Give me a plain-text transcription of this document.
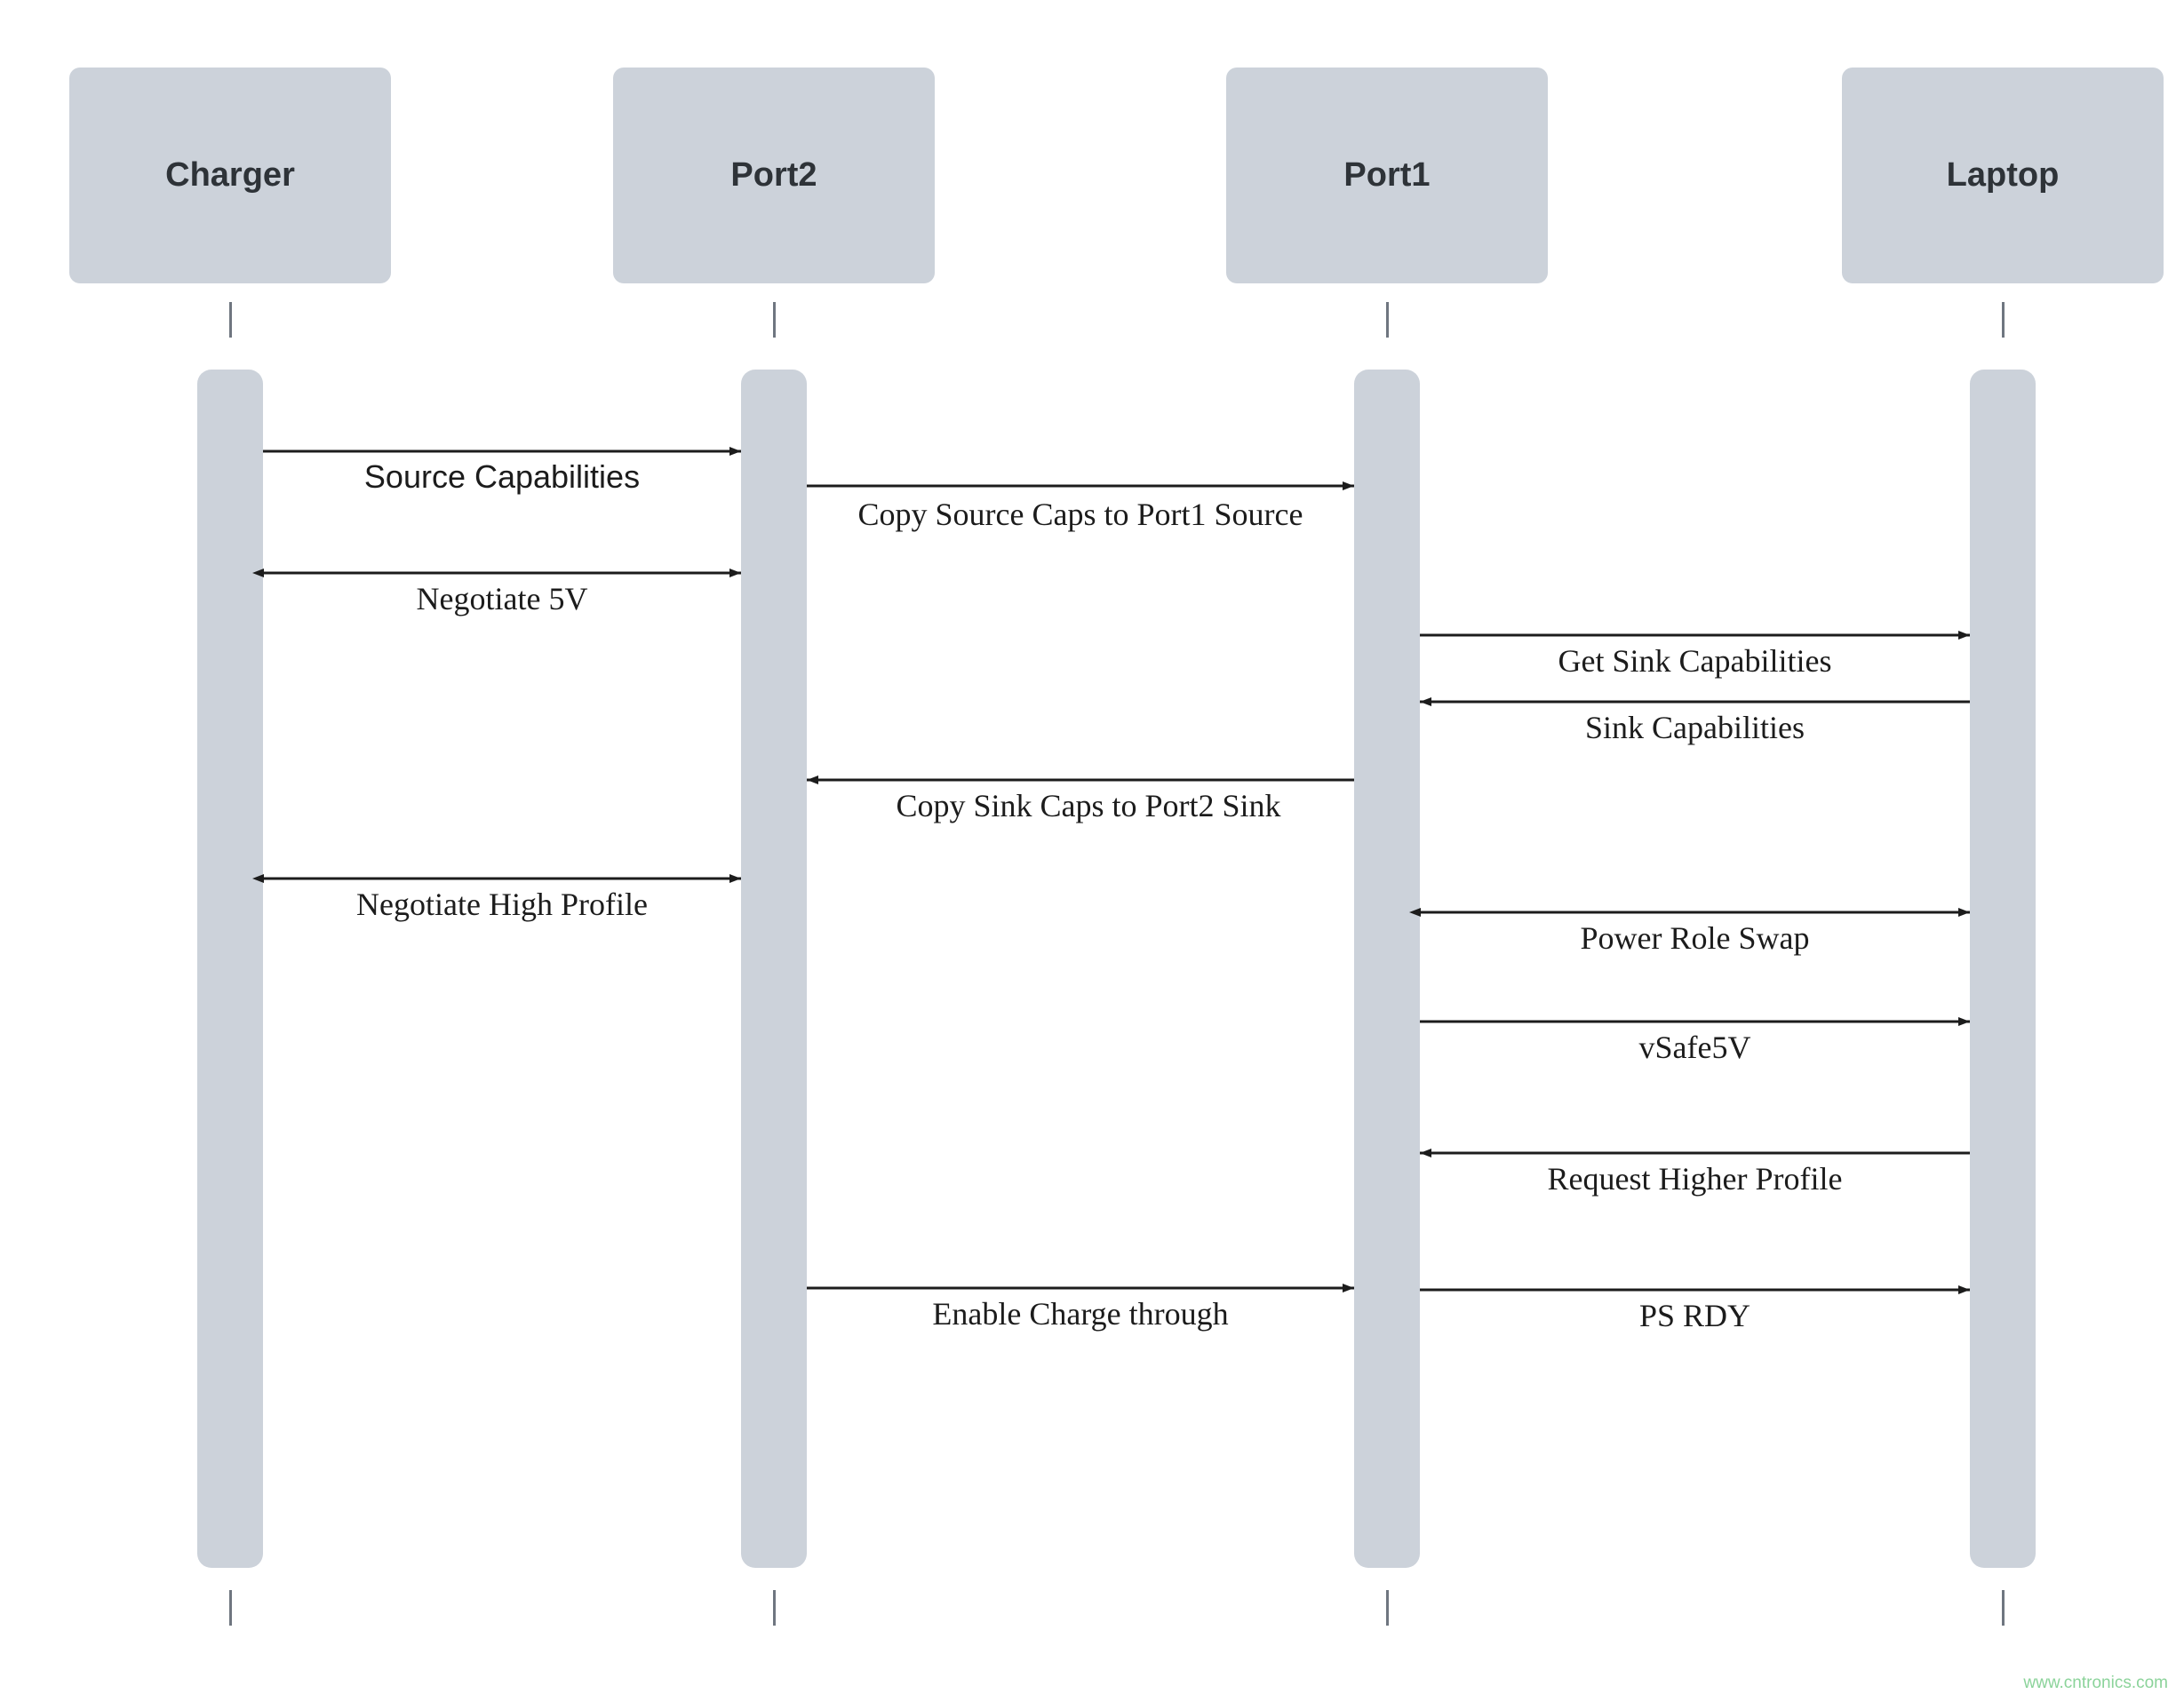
Charger	Port2	Port1	Laptop
Source Capabilities
Copy Source Caps to Port1 Source
Negotiate 5V
Get Sink Capabilities
Sink Capabilities
Copy Sink Caps to Port2 Sink
Negotiate High Profile
Power Role Swap
vSafe5V
Request Higher Profile
Enable Charge through	PS RDY
www.cntronics.com
